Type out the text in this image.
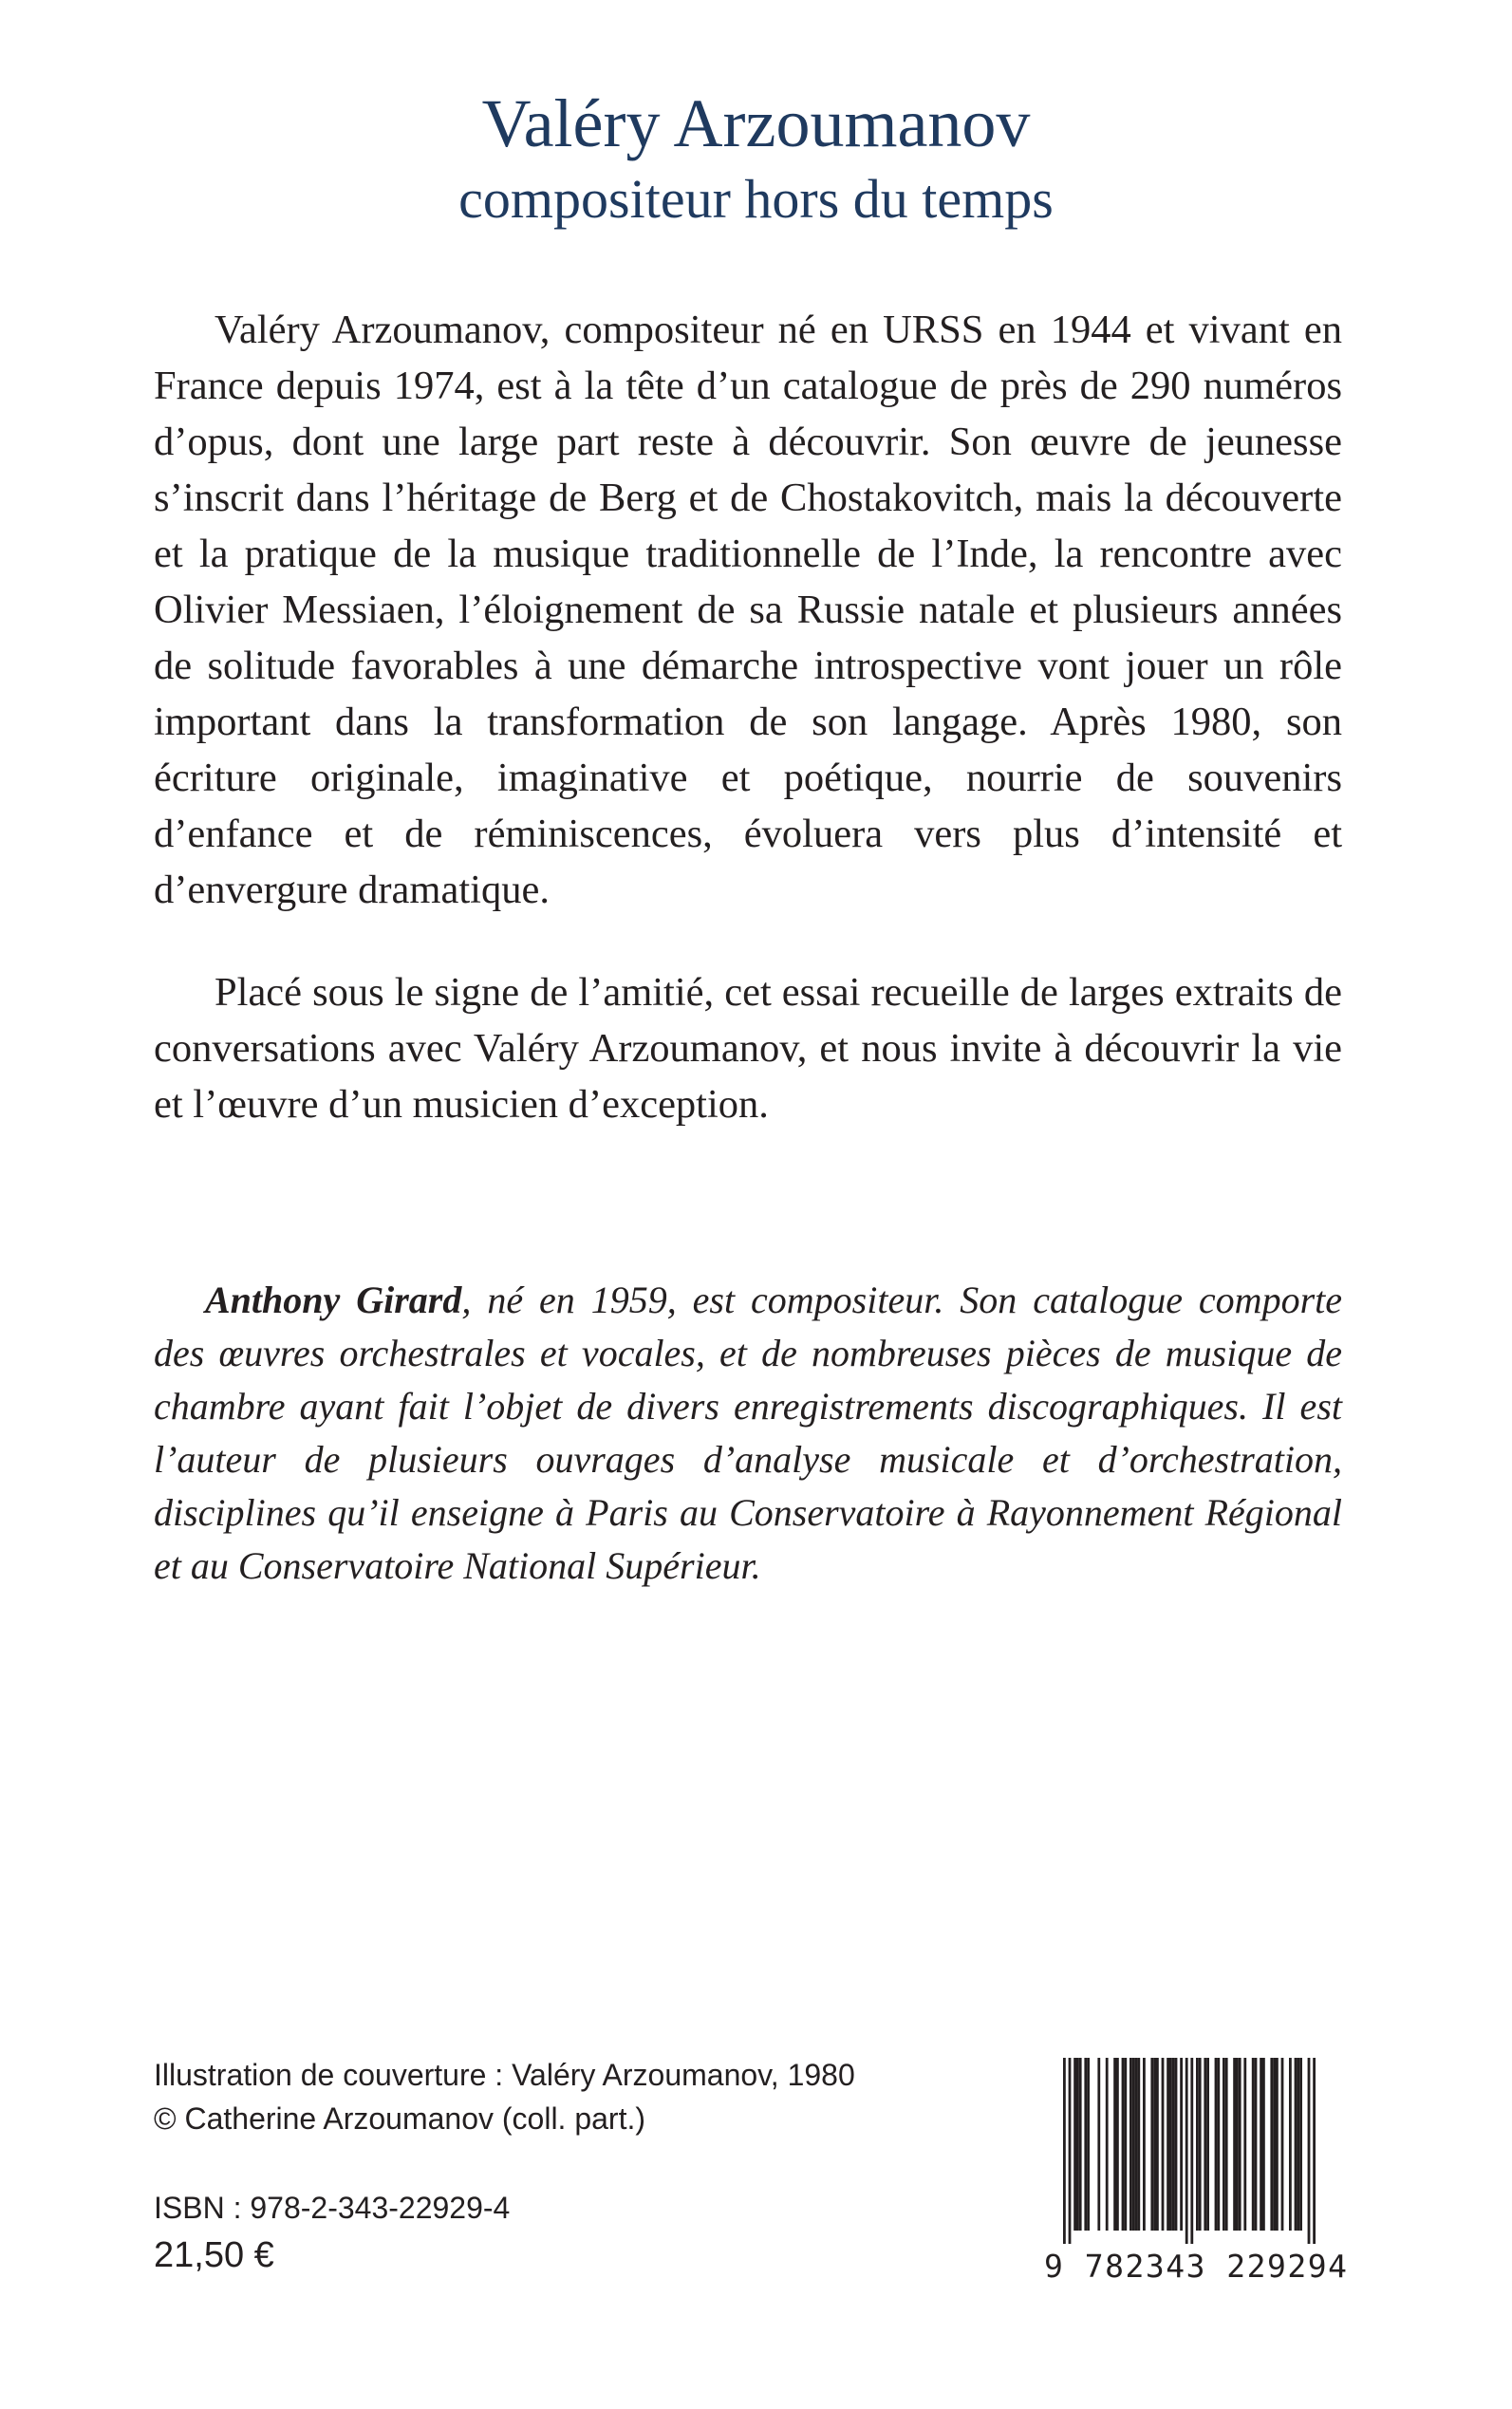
Valéry Arzoumanov
compositeur hors du temps

Valéry Arzoumanov, compositeur né en URSS en 1944 et vivant en France depuis 1974, est à la tête d’un catalogue de près de 290 numéros d’opus, dont une large part reste à découvrir. Son œuvre de jeunesse s’inscrit dans l’héritage de Berg et de Chostakovitch, mais la découverte et la pratique de la musique traditionnelle de l’Inde, la rencontre avec Olivier Messiaen, l’éloignement de sa Russie natale et plusieurs années de solitude favorables à une démarche introspective vont jouer un rôle important dans la transformation de son langage. Après 1980, son écriture originale, imaginative et poétique, nourrie de souvenirs d’enfance et de réminiscences, évoluera vers plus d’intensité et d’envergure dramatique.

Placé sous le signe de l’amitié, cet essai recueille de larges extraits de conversations avec Valéry Arzoumanov, et nous invite à découvrir la vie et l’œuvre d’un musicien d’exception.

Anthony Girard, né en 1959, est compositeur. Son catalogue comporte des œuvres orchestrales et vocales, et de nombreuses pièces de musique de chambre ayant fait l’objet de divers enregistrements discographiques. Il est l’auteur de plusieurs ouvrages d’analyse musicale et d’orchestration, disciplines qu’il enseigne à Paris au Conservatoire à Rayonnement Régional et au Conservatoire National Supérieur.

Illustration de couverture : Valéry Arzoumanov, 1980

© Catherine Arzoumanov (coll. part.)

ISBN : 978-2-343-22929-4

21,50 €	9 782343 229294
